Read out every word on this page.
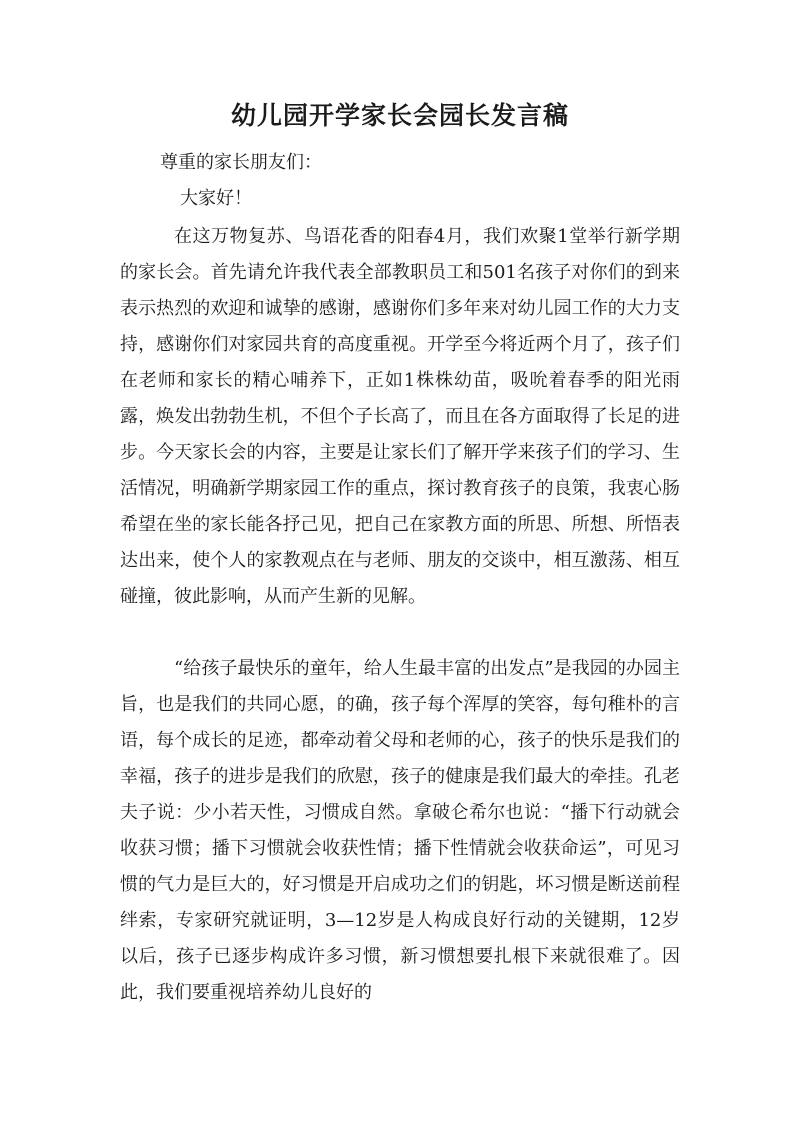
幼儿园开学家长会园长发言稿

尊重的家长朋友们：

大家好！

在这万物复苏、鸟语花香的阳春4月，我们欢聚1堂举行新学期的家长会。首先请允许我代表全部教职员工和501名孩子对你们的到来表示热烈的欢迎和诚挚的感谢，感谢你们多年来对幼儿园工作的大力支持，感谢你们对家园共育的高度重视。开学至今将近两个月了，孩子们在老师和家长的精心哺养下，正如1株株幼苗，吸吮着春季的阳光雨露，焕发出勃勃生机，不但个子长高了，而且在各方面取得了长足的进步。今天家长会的内容，主要是让家长们了解开学来孩子们的学习、生活情况，明确新学期家园工作的重点，探讨教育孩子的良策，我衷心肠希望在坐的家长能各抒己见，把自己在家教方面的所思、所想、所悟表达出来，使个人的家教观点在与老师、朋友的交谈中，相互激荡、相互碰撞，彼此影响，从而产生新的见解。

“给孩子最快乐的童年，给人生最丰富的出发点”是我园的办园主旨，也是我们的共同心愿，的确，孩子每个浑厚的笑容，每句稚朴的言语，每个成长的足迹，都牵动着父母和老师的心，孩子的快乐是我们的幸福，孩子的进步是我们的欣慰，孩子的健康是我们最大的牵挂。孔老夫子说：少小若天性，习惯成自然。拿破仑希尔也说：“播下行动就会收获习惯；播下习惯就会收获性情；播下性情就会收获命运”，可见习惯的气力是巨大的，好习惯是开启成功之们的钥匙，坏习惯是断送前程绊索，专家研究就证明，3—12岁是人构成良好行动的关键期，12岁以后，孩子已逐步构成许多习惯，新习惯想要扎根下来就很难了。因此，我们要重视培养幼儿良好的
